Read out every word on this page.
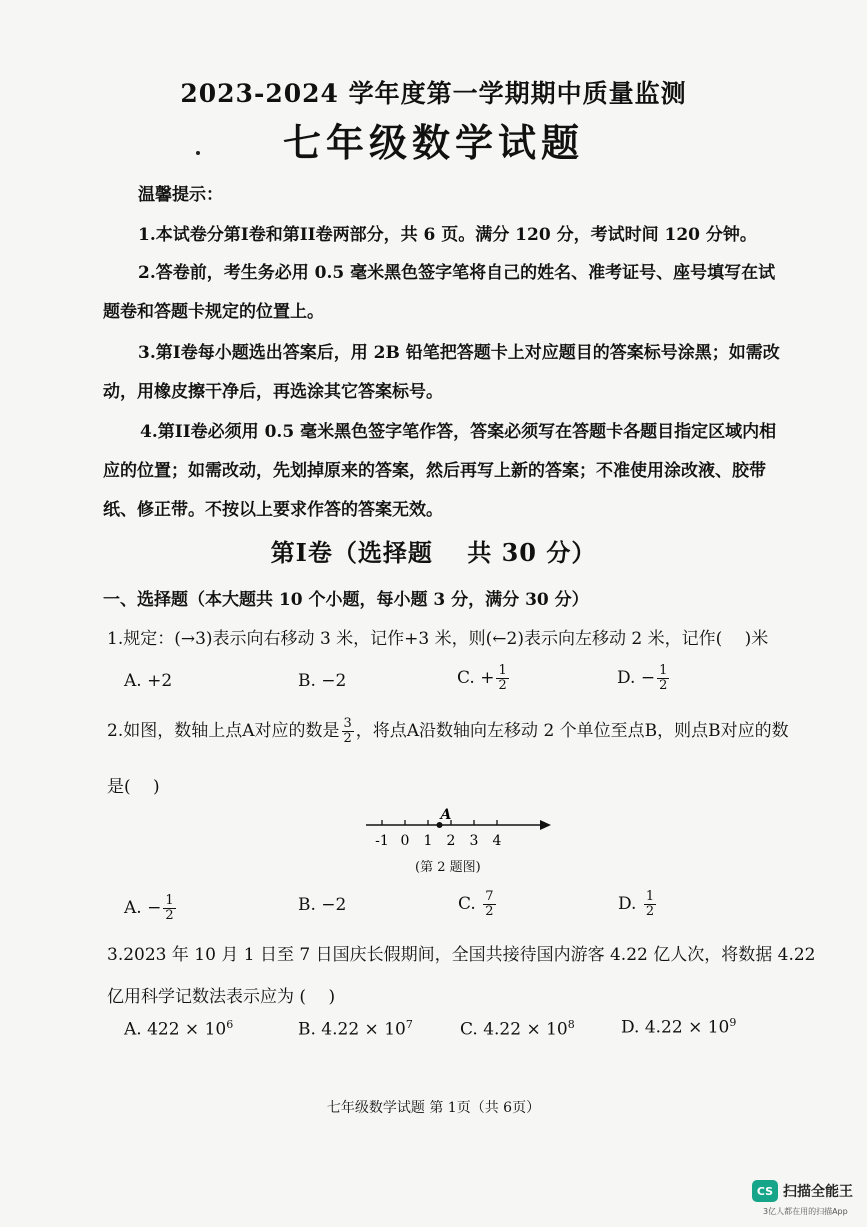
2023-2024 学年度第一学期期中质量监测
七年级数学试题
温馨提示：
1.本试卷分第I卷和第II卷两部分，共 6 页。满分 120 分，考试时间 120 分钟。
2.答卷前，考生务必用 0.5 毫米黑色签字笔将自己的姓名、准考证号、座号填写在试
题卷和答题卡规定的位置上。
3.第I卷每小题选出答案后，用 2B 铅笔把答题卡上对应题目的答案标号涂黑；如需改
动，用橡皮擦干净后，再选涂其它答案标号。
4.第II卷必须用 0.5 毫米黑色签字笔作答，答案必须写在答题卡各题目指定区域内相
应的位置；如需改动，先划掉原来的答案，然后再写上新的答案；不准使用涂改液、胶带
纸、修正带。不按以上要求作答的答案无效。
第I卷（选择题　 共 30 分）
一、选择题（本大题共 10 个小题，每小题 3 分，满分 30 分）
1.规定：(→3)表示向右移动 3 米，记作+3 米，则(←2)表示向左移动 2 米，记作(　 )米
A. +2	B. −2	C. + $\frac{1}{2}$	D. − $\frac{1}{2}$
2.如图，数轴上点A对应的数是 $\frac{3}{2}$ ，将点A沿数轴向左移动 2 个单位至点B，则点B对应的数
是(　 )
-1 0 1 2 3 4
A
(第 2 题图)
A. − $\frac{1}{2}$	B. −2	C. $\frac{7}{2}$	D. $\frac{1}{2}$
3.2023 年 10 月 1 日至 7 日国庆长假期间，全国共接待国内游客 4.22 亿人次，将数据 4.22
亿用科学记数法表示应为 (　 )
A. $422 \times 10^6$	B. $4.22 \times 10^7$	C. $4.22 \times 10^8$	D. $4.22 \times 10^9$
七年级数学试题 第 1页（共 6页）
CS 扫描全能王
3亿人都在用的扫描App
